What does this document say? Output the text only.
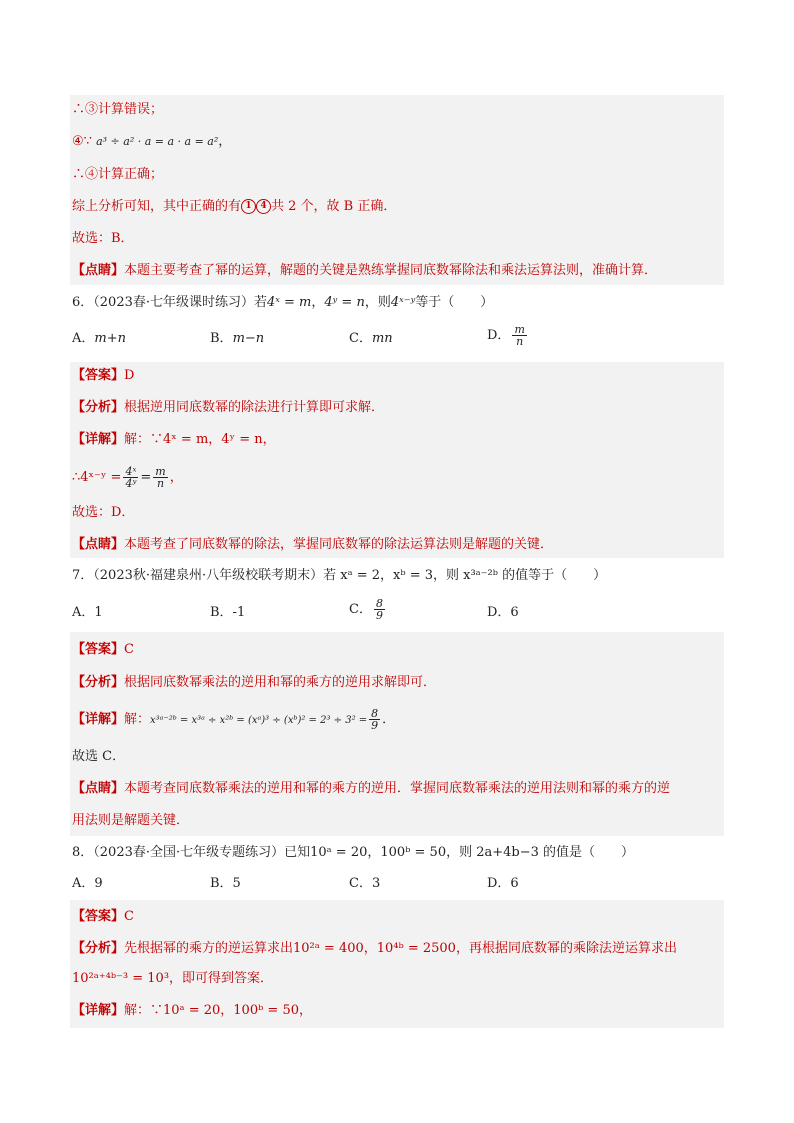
∴③计算错误；
④∵ a³ ÷ a² · a = a · a = a²，
∴④计算正确；
综上分析可知，其中正确的有 1 4 共 2 个，故 B 正确．
故选：B．
【点睛】本题主要考查了幂的运算，解题的关键是熟练掌握同底数幂除法和乘法运算法则，准确计算．
6．（2023春·七年级课时练习）若4ˣ = m，4ʸ = n，则4ˣ⁻ʸ等于（　　）
A．m+n	B．m−n	C．mn	D． $\frac{m}{n}$
【答案】D
【分析】根据逆用同底数幂的除法进行计算即可求解．
【详解】解：∵4ˣ = m，4ʸ = n，
∴4ˣ⁻ʸ = $\frac{\text{4ˣ}}{\text{4ʸ}} = \frac{m}{n}$ ，
故选：D．
【点睛】本题考查了同底数幂的除法，掌握同底数幂的除法运算法则是解题的关键．
7．（2023秋·福建泉州·八年级校联考期末）若 xᵃ = 2，xᵇ = 3，则 x³ᵃ⁻²ᵇ 的值等于（　　）
A．1	B．-1	C． $\frac{8}{9}$	D．6
【答案】C
【分析】根据同底数幂乘法的逆用和幂的乘方的逆用求解即可．
【详解】解：x³ᵃ⁻²ᵇ = x³ᵃ ÷ x²ᵇ = (xᵃ)³ ÷ (xᵇ)² = $2^3 \div 3^2 = \frac{8}{9}$ ．
故选 C．
【点睛】本题考查同底数幂乘法的逆用和幂的乘方的逆用．掌握同底数幂乘法的逆用法则和幂的乘方的逆
用法则是解题关键．
8．（2023春·全国·七年级专题练习）已知10ᵃ = 20，100ᵇ = 50，则 2a+4b−3 的值是（　　）
A．9	B．5	C．3	D．6
【答案】C
【分析】先根据幂的乘方的逆运算求出10²ᵃ = 400，10⁴ᵇ = 2500，再根据同底数幂的乘除法逆运算求出
10²ᵃ⁺⁴ᵇ⁻³ = 10³，即可得到答案．
【详解】解：∵10ᵃ = 20，100ᵇ = 50，
